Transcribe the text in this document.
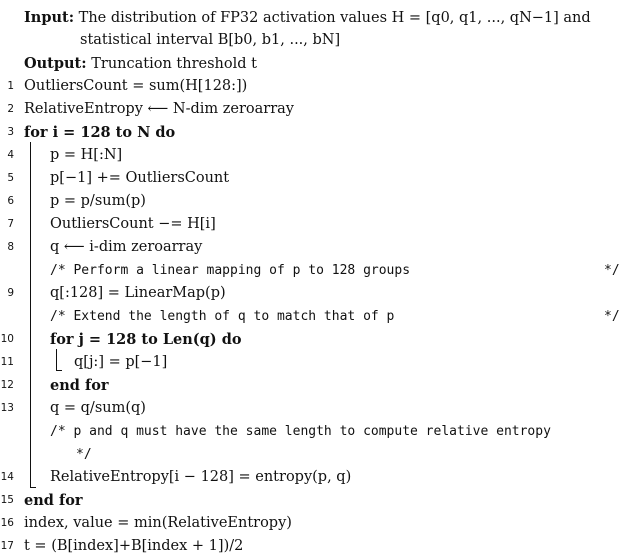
Input: The distribution of FP32 activation values H = [q0, q1, ..., qN−1] and
statistical interval B[b0, b1, ..., bN]
Output: Truncation threshold t
1 OutliersCount = sum(H[128:])
2 RelativeEntropy ⟵ N-dim zeroarray
3 for i = 128 to N do
4 p = H[:N]
5 p[−1] += OutliersCount
6 p = p/sum(p)
7 OutliersCount −= H[i]
8 q ⟵ i-dim zeroarray
/* Perform a linear mapping of p to 128 groups	*/
9 q[:128] = LinearMap(p)
/* Extend the length of q to match that of p	*/
10 for j = 128 to Len(q) do
11	q[j:] = p[−1]
12 end for
13 q = q/sum(q)
/* p and q must have the same length to compute relative entropy
*/
14 RelativeEntropy[i − 128] = entropy(p, q)
15 end for
16 index, value = min(RelativeEntropy)
17 t = (B[index]+B[index + 1])/2
